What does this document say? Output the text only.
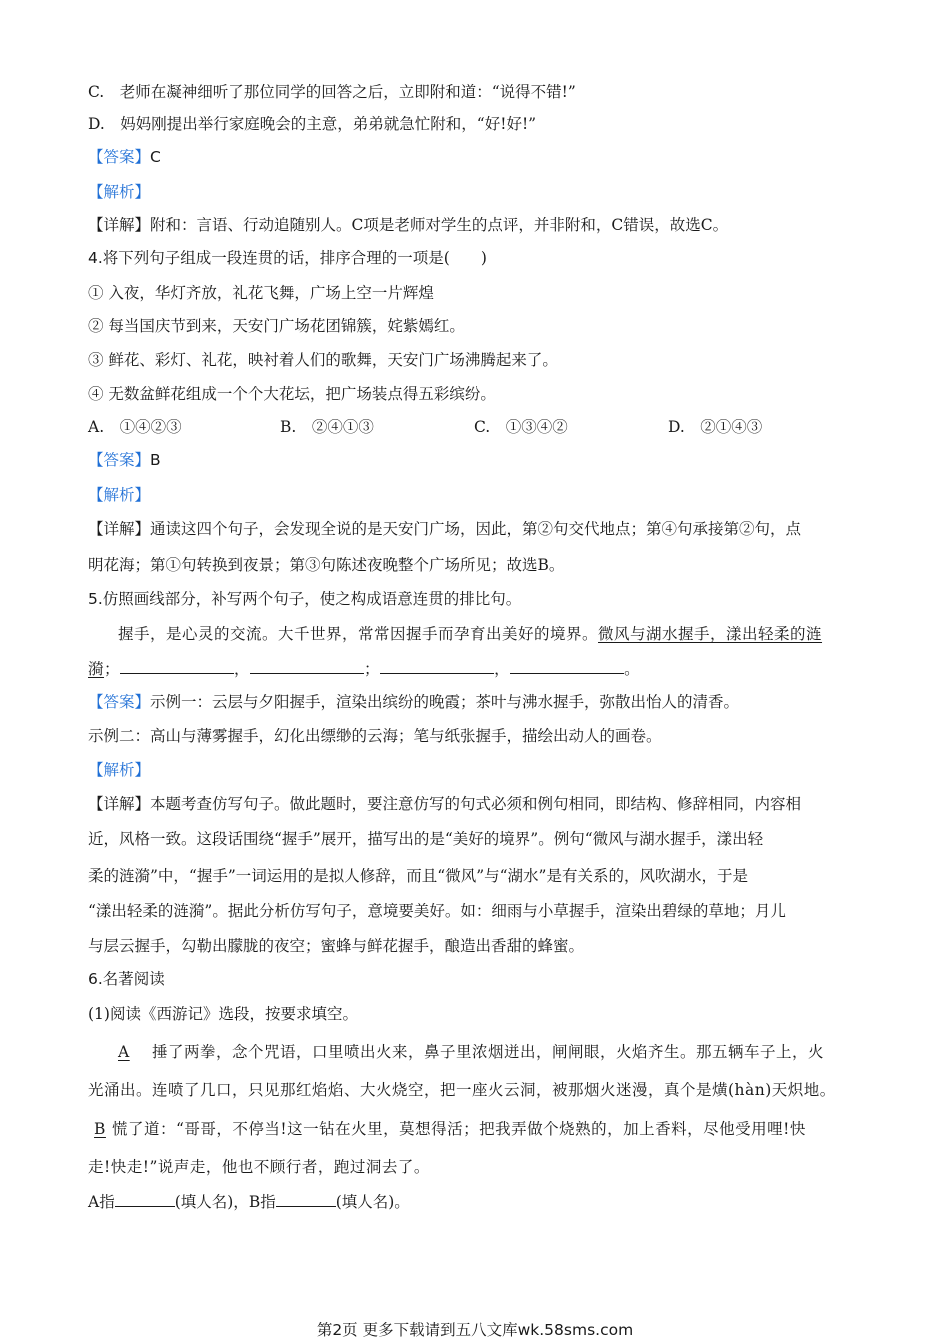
C.　老师在凝神细听了那位同学的回答之后，立即附和道：“说得不错!”
D.　妈妈刚提出举行家庭晚会的主意，弟弟就急忙附和，“好!好!”
【答案】C
【解析】
【详解】附和：言语、行动追随别人。C项是老师对学生的点评，并非附和，C错误，故选C。
4.将下列句子组成一段连贯的话，排序合理的一项是(　　)
① 入夜，华灯齐放，礼花飞舞，广场上空一片辉煌
② 每当国庆节到来，天安门广场花团锦簇，姹紫嫣红。
③ 鲜花、彩灯、礼花，映衬着人们的歌舞，天安门广场沸腾起来了。
④ 无数盆鲜花组成一个个大花坛，把广场装点得五彩缤纷。
A.　①④②③	B.　②④①③	C.　①③④②	D.　②①④③
【答案】B
【解析】
【详解】通读这四个句子，会发现全说的是天安门广场，因此，第②句交代地点；第④句承接第②句，点
明花海；第①句转换到夜景；第③句陈述夜晚整个广场所见；故选B。
5.仿照画线部分，补写两个句子，使之构成语意连贯的排比句。
握手，是心灵的交流。大千世界，常常因握手而孕育出美好的境界。微风与湖水握手，漾出轻柔的涟
漪；	，	；	，	。
【答案】示例一：云层与夕阳握手，渲染出缤纷的晚霞；茶叶与沸水握手，弥散出怡人的清香。
示例二：高山与薄雾握手，幻化出缥缈的云海；笔与纸张握手，描绘出动人的画卷。
【解析】
【详解】本题考查仿写句子。做此题时，要注意仿写的句式必须和例句相同，即结构、修辞相同，内容相
近，风格一致。这段话围绕“握手”展开，描写出的是“美好的境界”。例句“微风与湖水握手，漾出轻
柔的涟漪”中，“握手”一词运用的是拟人修辞，而且“微风”与“湖水”是有关系的，风吹湖水，于是
“漾出轻柔的涟漪”。据此分析仿写句子，意境要美好。如：细雨与小草握手，渲染出碧绿的草地；月儿
与层云握手，勾勒出朦胧的夜空；蜜蜂与鲜花握手，酿造出香甜的蜂蜜。
6.名著阅读
(1)阅读《西游记》选段，按要求填空。
A 捶了两拳，念个咒语，口里喷出火来，鼻子里浓烟迸出，闸闸眼，火焰齐生。那五辆车子上，火
光涌出。连喷了几口，只见那红焰焰、大火烧空，把一座火云洞，被那烟火迷漫，真个是熿(hàn)天炽地。
B 慌了道：“哥哥，不停当!这一钻在火里，莫想得活；把我弄做个烧熟的，加上香料，尽他受用哩!快
走!快走!”说声走，他也不顾行者，跑过洞去了。
A指	(填人名)，B指	(填人名)。
第2页 更多下载请到五八文库wk.58sms.com
